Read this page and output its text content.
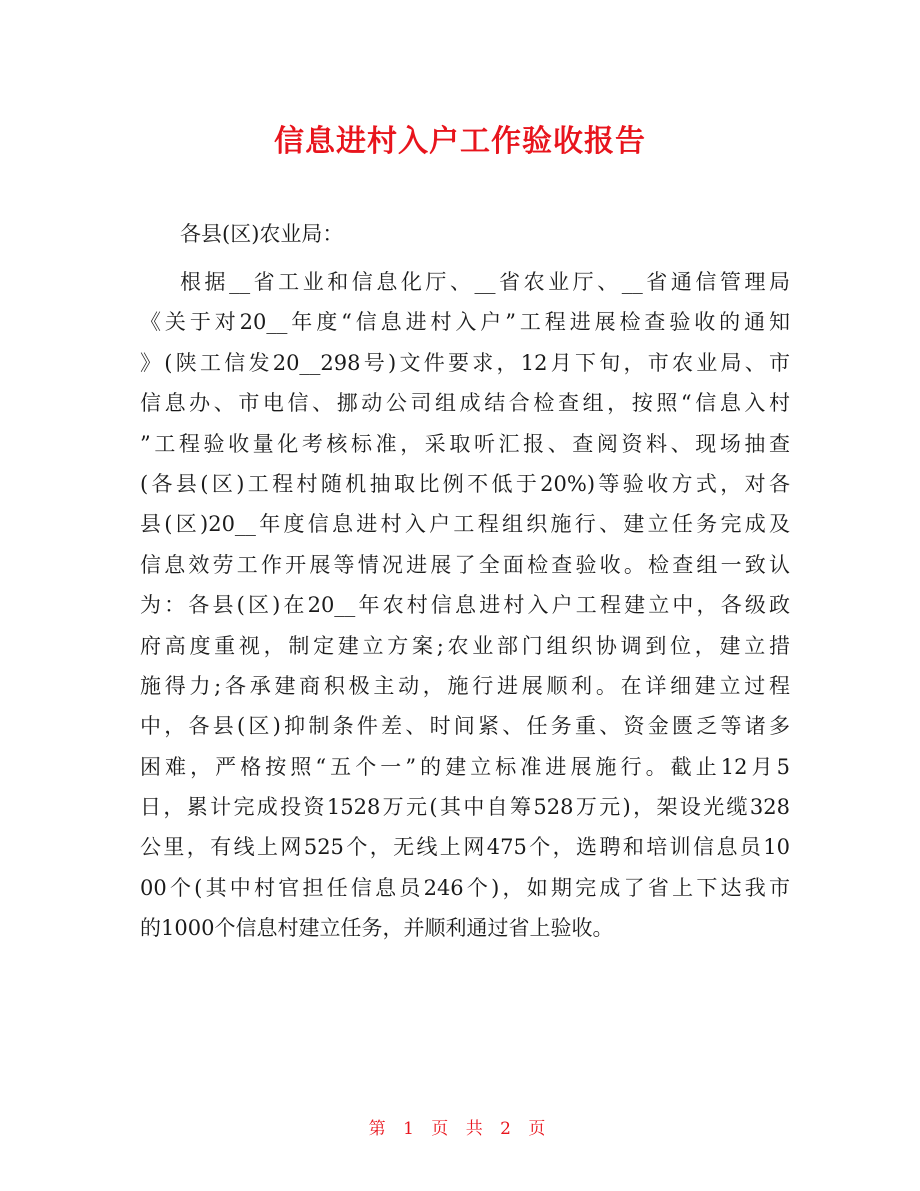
信息进村入户工作验收报告
各县(区)农业局：
根据__省工业和信息化厅、__省农业厅、__省通信管理局
《关于对20__年度“信息进村入户”工程进展检查验收的通知
》(陕工信发20__298号)文件要求，12月下旬，市农业局、市
信息办、市电信、挪动公司组成结合检查组，按照“信息入村
”工程验收量化考核标准，采取听汇报、查阅资料、现场抽查
(各县(区)工程村随机抽取比例不低于20%)等验收方式，对各
县(区)20__年度信息进村入户工程组织施行、建立任务完成及
信息效劳工作开展等情况进展了全面检查验收。检查组一致认
为：各县(区)在20__年农村信息进村入户工程建立中，各级政
府高度重视，制定建立方案;农业部门组织协调到位，建立措
施得力;各承建商积极主动，施行进展顺利。在详细建立过程
中，各县(区)抑制条件差、时间紧、任务重、资金匮乏等诸多
困难，严格按照“五个一”的建立标准进展施行。截止12月5
日，累计完成投资1528万元(其中自筹528万元)，架设光缆328
公里，有线上网525个，无线上网475个，选聘和培训信息员10
00个(其中村官担任信息员246个)，如期完成了省上下达我市
的1000个信息村建立任务，并顺利通过省上验收。
第 1 页 共 2 页
